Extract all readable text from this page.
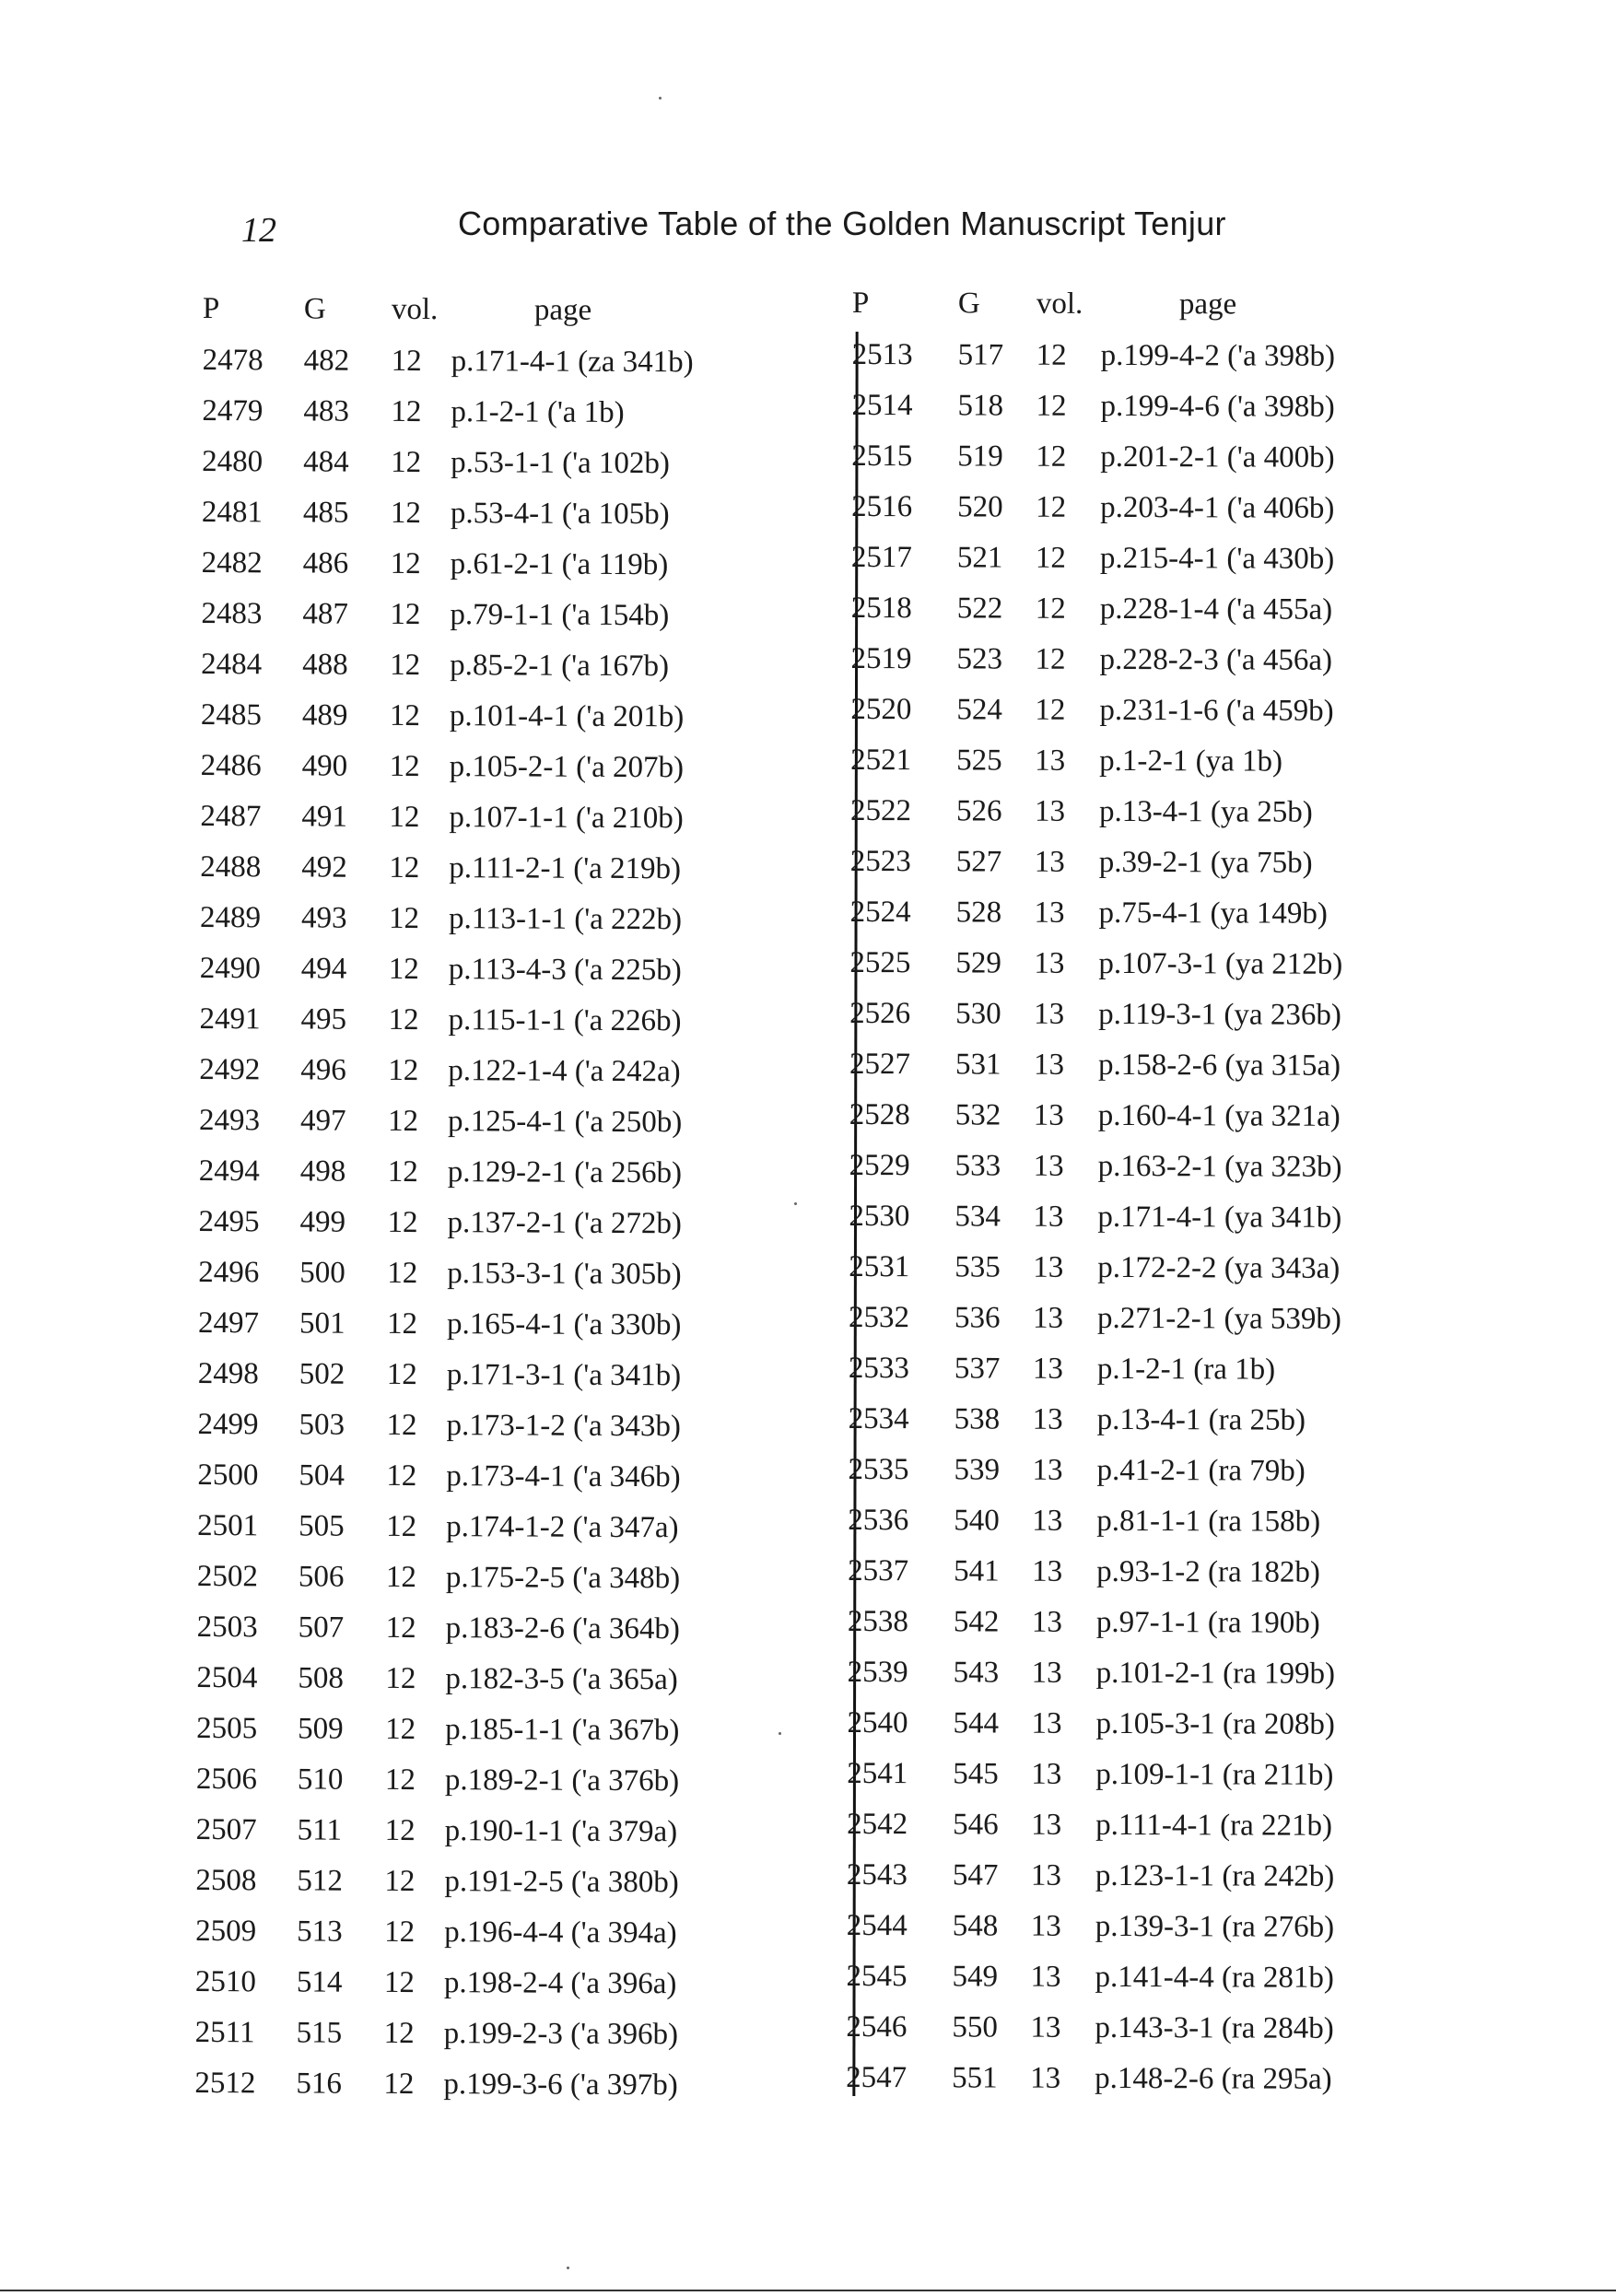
12	Comparative Table of the Golden Manuscript Tenjur
P	G	vol.	page
2478	482	12 p.171-4-1 (za 341b)
2479	483	12 p.1-2-1 ('a 1b)
2480	484	12 p.53-1-1 ('a 102b)
2481	485	12 p.53-4-1 ('a 105b)
2482	486	12 p.61-2-1 ('a 119b)
2483	487	12 p.79-1-1 ('a 154b)
2484	488	12 p.85-2-1 ('a 167b)
2485	489	12 p.101-4-1 ('a 201b)
2486	490	12 p.105-2-1 ('a 207b)
2487	491	12 p.107-1-1 ('a 210b)
2488	492	12 p.111-2-1 ('a 219b)
2489	493	12 p.113-1-1 ('a 222b)
2490	494	12 p.113-4-3 ('a 225b)
2491	495	12 p.115-1-1 ('a 226b)
2492	496	12 p.122-1-4 ('a 242a)
2493	497	12 p.125-4-1 ('a 250b)
2494	498	12 p.129-2-1 ('a 256b)
2495	499	12 p.137-2-1 ('a 272b)
2496	500	12 p.153-3-1 ('a 305b)
2497	501	12 p.165-4-1 ('a 330b)
2498	502	12 p.171-3-1 ('a 341b)
2499	503	12 p.173-1-2 ('a 343b)
2500	504	12 p.173-4-1 ('a 346b)
2501	505	12 p.174-1-2 ('a 347a)
2502	506	12 p.175-2-5 ('a 348b)
2503	507	12 p.183-2-6 ('a 364b)
2504	508	12 p.182-3-5 ('a 365a)
2505	509	12 p.185-1-1 ('a 367b)
2506	510	12 p.189-2-1 ('a 376b)
2507	511	12 p.190-1-1 ('a 379a)
2508	512	12 p.191-2-5 ('a 380b)
2509	513	12 p.196-4-4 ('a 394a)
2510	514	12 p.198-2-4 ('a 396a)
2511	515	12 p.199-2-3 ('a 396b)
2512	516	12 p.199-3-6 ('a 397b)
P	G	vol.	page
2513	517	12	p.199-4-2 ('a 398b)
2514	518	12	p.199-4-6 ('a 398b)
2515	519	12	p.201-2-1 ('a 400b)
2516	520	12	p.203-4-1 ('a 406b)
2517	521	12	p.215-4-1 ('a 430b)
2518	522	12	p.228-1-4 ('a 455a)
2519	523	12	p.228-2-3 ('a 456a)
2520	524	12	p.231-1-6 ('a 459b)
2521	525	13	p.1-2-1 (ya 1b)
2522	526	13	p.13-4-1 (ya 25b)
2523	527	13	p.39-2-1 (ya 75b)
2524	528	13	p.75-4-1 (ya 149b)
2525	529	13	p.107-3-1 (ya 212b)
2526	530	13	p.119-3-1 (ya 236b)
2527	531	13	p.158-2-6 (ya 315a)
2528	532	13	p.160-4-1 (ya 321a)
2529	533	13	p.163-2-1 (ya 323b)
2530	534	13	p.171-4-1 (ya 341b)
2531	535	13	p.172-2-2 (ya 343a)
2532	536	13	p.271-2-1 (ya 539b)
2533	537	13	p.1-2-1 (ra 1b)
2534	538	13	p.13-4-1 (ra 25b)
2535	539	13	p.41-2-1 (ra 79b)
2536	540	13	p.81-1-1 (ra 158b)
2537	541	13	p.93-1-2 (ra 182b)
2538	542	13	p.97-1-1 (ra 190b)
2539	543	13	p.101-2-1 (ra 199b)
2540	544	13	p.105-3-1 (ra 208b)
2541	545	13	p.109-1-1 (ra 211b)
2542	546	13	p.111-4-1 (ra 221b)
2543	547	13	p.123-1-1 (ra 242b)
2544	548	13	p.139-3-1 (ra 276b)
2545	549	13	p.141-4-4 (ra 281b)
2546	550	13	p.143-3-1 (ra 284b)
2547	551	13	p.148-2-6 (ra 295a)
